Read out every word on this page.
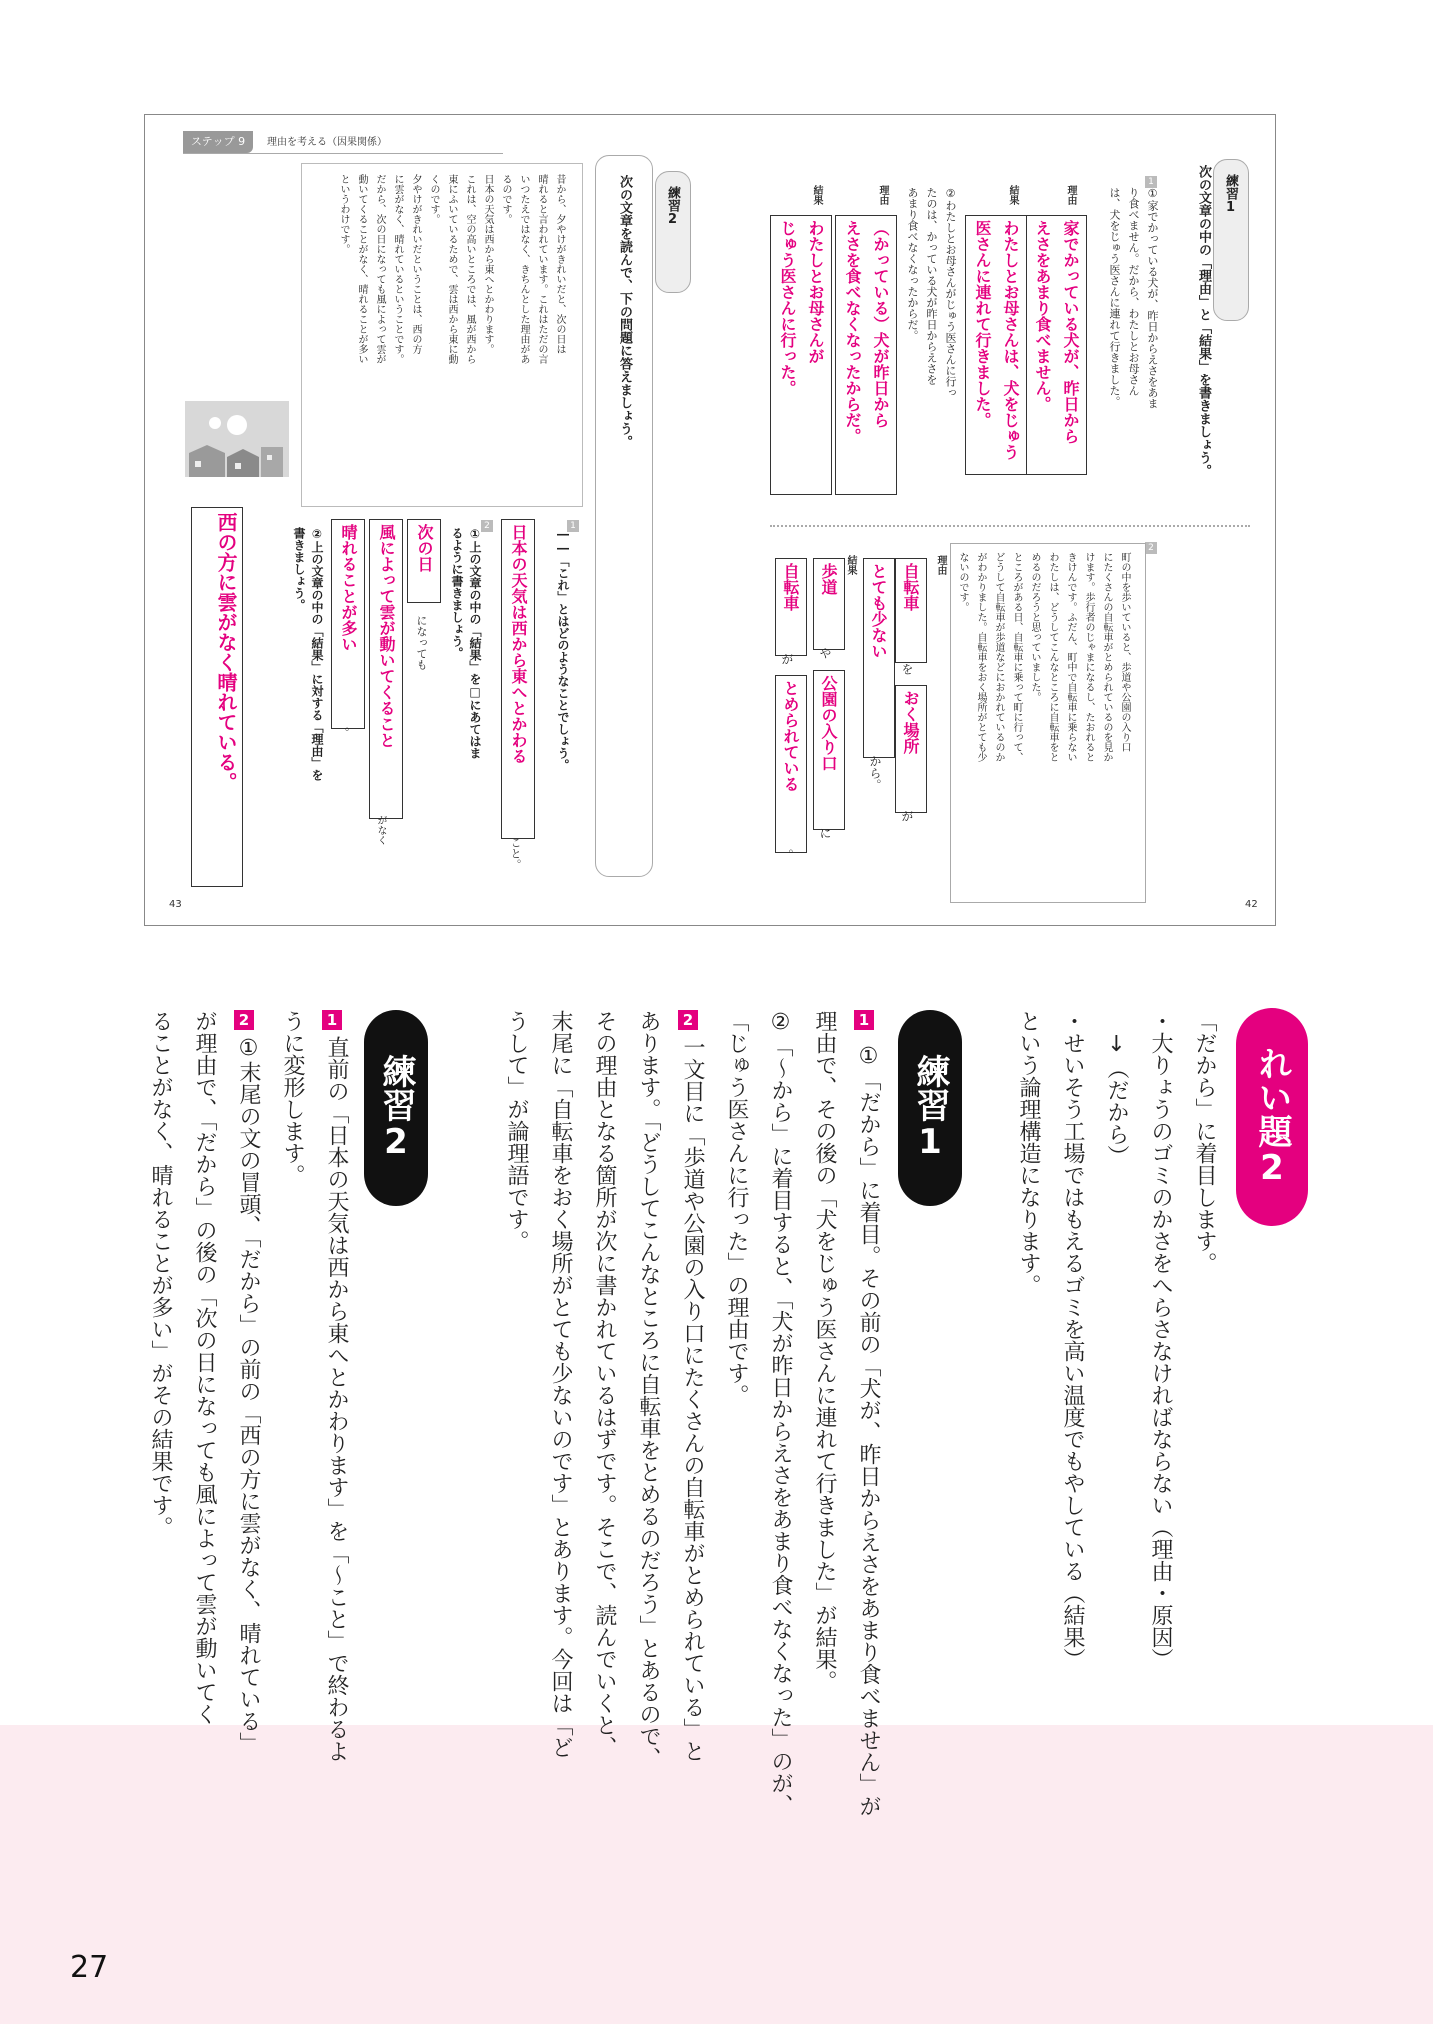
ステップ 9	理由を考える（因果関係）
練習1
次の文章の中の「理由」と「結果」を書きましょう。
1
①家でかっている犬が、昨日からえさをあま
り食べません。だから、わたしとお母さん
は、犬をじゅう医さんに連れて行きました。
理由
家でかっている犬が、昨日から
えさをあまり食べません。
結果
わたしとお母さんは、犬をじゅう
医さんに連れて行きました。
②わたしとお母さんがじゅう医さんに行っ
たのは、かっている犬が昨日からえさを
あまり食べなくなったからだ。
理由
（かっている）犬が昨日から
えさを食べなくなったからだ。
結果
わたしとお母さんが
じゅう医さんに行った。
2
町の中を歩いていると、歩道や公園の入り口
にたくさんの自転車がとめられているのを見か
けます。歩行者のじゃまになるし、たおれると
きけんです。ふだん、町中で自転車に乗らない
わたしは、どうしてこんなところに自転車をと
めるのだろうと思っていました。
ところがある日、自転車に乗って町に行って、
どうして自転車が歩道などにおかれているのか
がわかりました。自転車をおく場所がとても少
ないのです。
理由
自転車
を
おく場所
が
とても少ない
から。
結果
歩道
や
公園の入り口
に
自転車
が
とめられている
。
42
練習2
次の文章を読んで、下の問題に答えましょう。
昔から、夕やけがきれいだと、次の日は
晴れると言われています。これはただの言
いつたえではなく、きちんとした理由があ
るのです。
日本の天気は西から東へとかわります。
これは、空の高いところでは、風が西から
東にふいているためで、雲は西から東に動
くのです。
夕やけがきれいだということは、西の方
に雲がなく、晴れているということです。
だから、次の日になっても風によって雲が
動いてくることがなく、晴れることが多い
というわけです。
1
――「これ」とはどのようなことでしょう。
日本の天気は西から東へとかわる
こと。
2
①上の文章の中の「結果」を□にあてはま
るように書きましょう。
次の日
になっても
風によって雲が動いてくること
がなく
晴れることが多い
。
②上の文章の中の「結果」に対する「理由」を
書きましょう。
西の方に雲がなく晴れている。
43
れい題2
「だから」に着目します。
・大りょうのゴミのかさをへらさなければならない（理由・原因）
　↓（だから）
・せいそう工場ではもえるゴミを高い温度でもやしている（結果）
という論理構造になります。
練習1
1
①「だから」に着目。その前の「犬が、昨日からえさをあまり食べません」が
理由で、その後の「犬をじゅう医さんに連れて行きました」が結果。
②「〜から」に着目すると、「犬が昨日からえさをあまり食べなくなった」のが、
「じゅう医さんに行った」の理由です。
2
一文目に「歩道や公園の入り口にたくさんの自転車がとめられている」と
あります。「どうしてこんなところに自転車をとめるのだろう」とあるので、
その理由となる箇所が次に書かれているはずです。そこで、読んでいくと、
末尾に「自転車をおく場所がとても少ないのです」とあります。今回は「ど
うして」が論理語です。
練習2
1
直前の「日本の天気は西から東へとかわります」を「〜こと」で終わるよ
うに変形します。
2
①末尾の文の冒頭、「だから」の前の「西の方に雲がなく、晴れている」
が理由で、「だから」の後の「次の日になっても風によって雲が動いてく
ることがなく、晴れることが多い」がその結果です。
27
